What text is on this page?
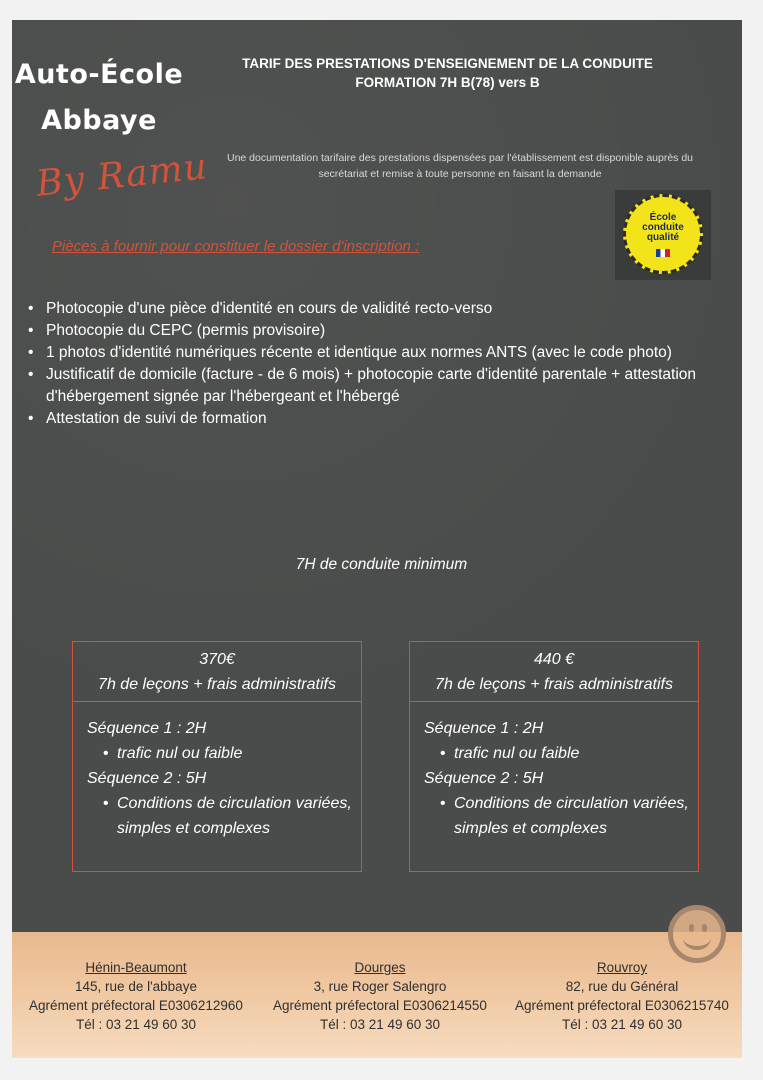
Auto-École
Abbaye
By Ramu
TARIF DES PRESTATIONS D'ENSEIGNEMENT DE LA CONDUITE
FORMATION 7H B(78) vers B
Une documentation tarifaire des prestations dispensées par l'établissement est disponible auprès du
secrétariat et remise à toute personne en faisant la demande
École
conduite
qualité
Pièces à fournir pour constituer le dossier d'inscription :
• Photocopie d'une pièce d'identité en cours de validité recto-verso
• Photocopie du CEPC (permis provisoire)
• 1 photos d'identité numériques récente et identique aux normes ANTS (avec le code photo)
• Justificatif de domicile (facture - de 6 mois) + photocopie carte d'identité parentale + attestation d'hébergement signée par l'hébergeant et l'hébergé
• Attestation de suivi de formation
7H de conduite minimum
370€
7h de leçons + frais administratifs
Séquence 1 : 2H
• trafic nul ou faible
Séquence 2 : 5H
• Conditions de circulation variées,
simples et complexes
440 €
7h de leçons + frais administratifs
Séquence 1 : 2H
• trafic nul ou faible
Séquence 2 : 5H
• Conditions de circulation variées,
simples et complexes
Hénin-Beaumont
145, rue de l'abbaye
Agrément préfectoral E0306212960
Tél : 03 21 49 60 30
Dourges
3, rue Roger Salengro
Agrément préfectoral E0306214550
Tél : 03 21 49 60 30
Rouvroy
82, rue du Général
Agrément préfectoral E0306215740
Tél : 03 21 49 60 30
